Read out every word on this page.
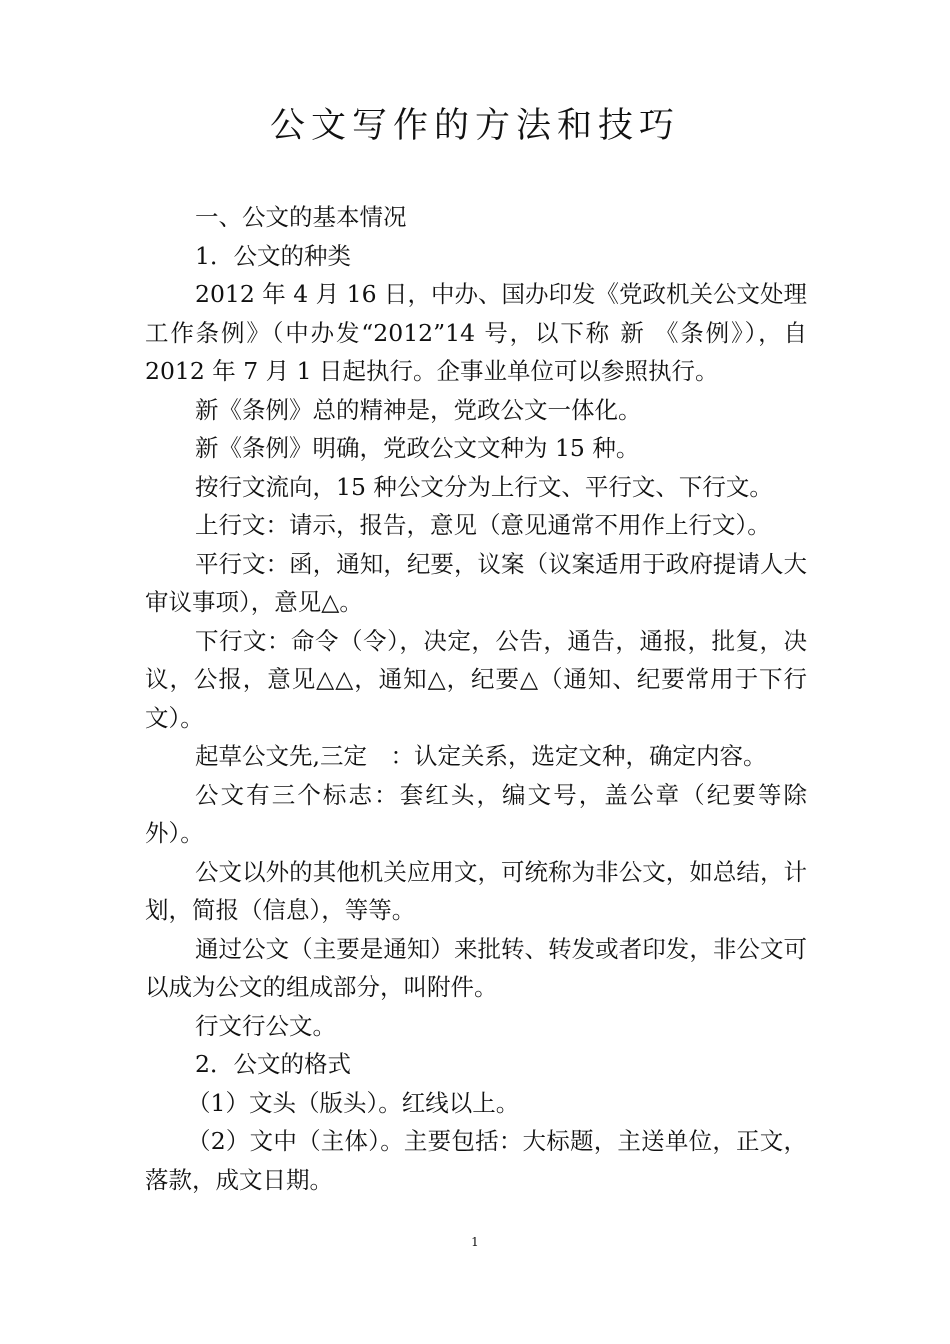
公文写作的方法和技巧

一、公文的基本情况

1．公文的种类

2012 年 4 月 16 日，中办、国办印发《党政机关公文处理工作条例》（中办发“2012”14 号，以下称 新 《条例》），自 2012 年 7 月 1 日起执行。企事业单位可以参照执行。

新《条例》总的精神是，党政公文一体化。

新《条例》明确，党政公文文种为 15 种。

按行文流向，15 种公文分为上行文、平行文、下行文。

上行文：请示，报告，意见（意见通常不用作上行文）。

平行文：函，通知，纪要，议案（议案适用于政府提请人大审议事项），意见△。

下行文：命令（令），决定，公告，通告，通报，批复，决议，公报，意见△△，通知△，纪要△（通知、纪要常用于下行文）。

起草公文先,三定　：认定关系，选定文种，确定内容。

公文有三个标志：套红头，编文号，盖公章（纪要等除外）。

公文以外的其他机关应用文，可统称为非公文，如总结，计划，简报（信息），等等。

通过公文（主要是通知）来批转、转发或者印发，非公文可以成为公文的组成部分，叫附件。

行文行公文。

2．公文的格式

（1）文头（版头）。红线以上。

（2）文中（主体）。主要包括：大标题，主送单位，正文，落款，成文日期。

1
